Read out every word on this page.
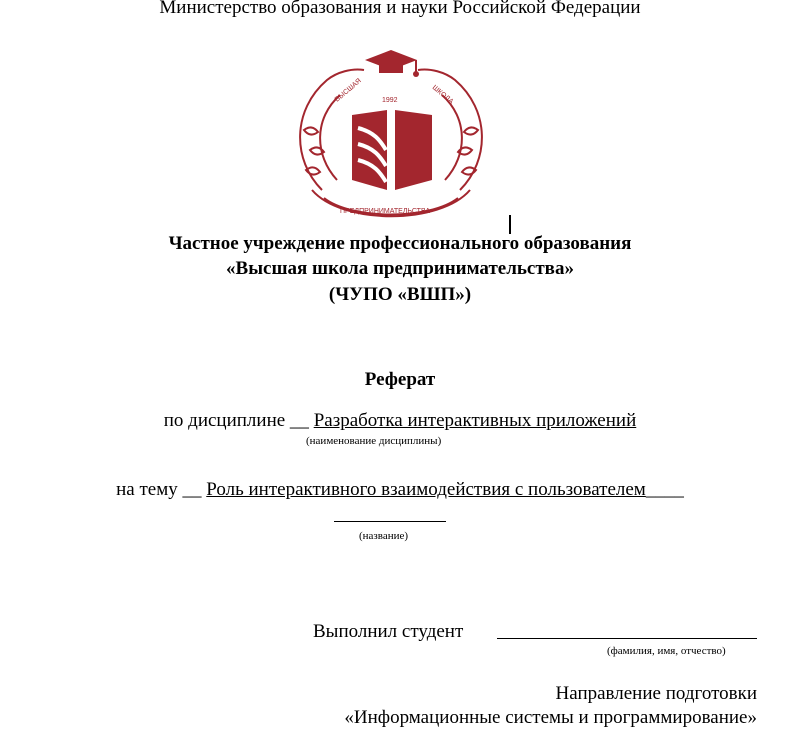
Министерство образования и науки Российской Федерации
ВЫСШАЯ	ШКОЛА
1992
ПРЕДПРИНИМАТЕЛЬСТВА
Частное учреждение профессионального образования
«Высшая школа предпринимательства»
(ЧУПО «ВШП»)
Реферат
по дисциплине __ Разработка интерактивных приложений
(наименование дисциплины)
на тему __ Роль интерактивного взаимодействия с пользователем____
(название)
Выполнил студент
(фамилия, имя, отчество)
Направление подготовки
«Информационные системы и программирование»
